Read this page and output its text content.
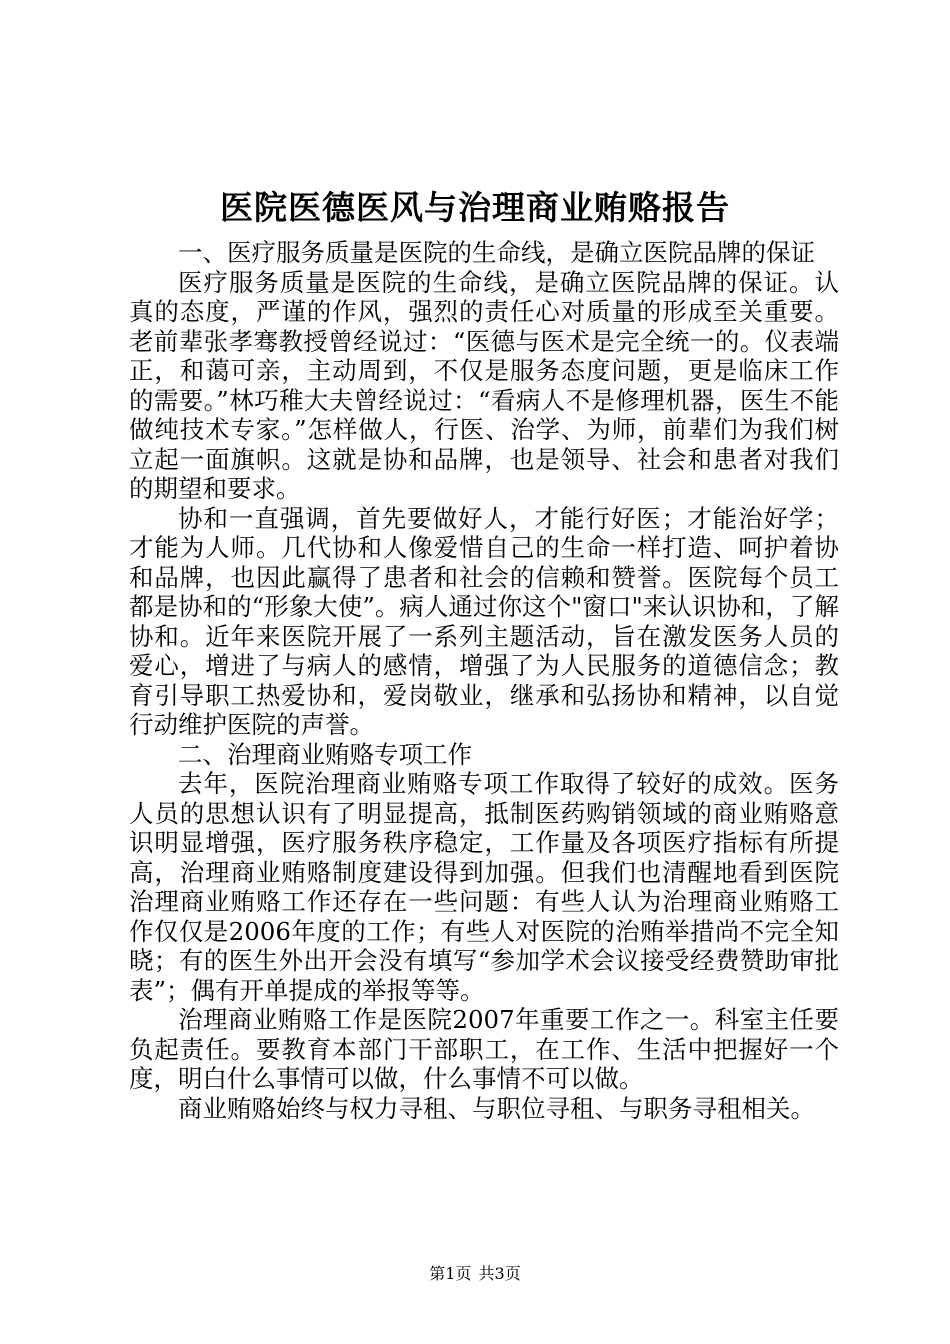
医院医德医风与治理商业贿赂报告

一、医疗服务质量是医院的生命线，是确立医院品牌的保证

医疗服务质量是医院的生命线，是确立医院品牌的保证。认真的态度，严谨的作风，强烈的责任心对质量的形成至关重要。老前辈张孝骞教授曾经说过：“医德与医术是完全统一的。仪表端正，和蔼可亲，主动周到，不仅是服务态度问题，更是临床工作的需要。”林巧稚大夫曾经说过：“看病人不是修理机器，医生不能做纯技术专家。”怎样做人，行医、治学、为师，前辈们为我们树立起一面旗帜。这就是协和品牌，也是领导、社会和患者对我们的期望和要求。

协和一直强调，首先要做好人，才能行好医；才能治好学；才能为人师。几代协和人像爱惜自己的生命一样打造、呵护着协和品牌，也因此赢得了患者和社会的信赖和赞誉。医院每个员工都是协和的“形象大使”。病人通过你这个"窗口"来认识协和，了解协和。近年来医院开展了一系列主题活动，旨在激发医务人员的爱心，增进了与病人的感情，增强了为人民服务的道德信念；教育引导职工热爱协和，爱岗敬业，继承和弘扬协和精神，以自觉行动维护医院的声誉。

二、治理商业贿赂专项工作

去年，医院治理商业贿赂专项工作取得了较好的成效。医务人员的思想认识有了明显提高，抵制医药购销领域的商业贿赂意识明显增强，医疗服务秩序稳定，工作量及各项医疗指标有所提高，治理商业贿赂制度建设得到加强。但我们也清醒地看到医院治理商业贿赂工作还存在一些问题：有些人认为治理商业贿赂工作仅仅是2006年度的工作；有些人对医院的治贿举措尚不完全知晓；有的医生外出开会没有填写“参加学术会议接受经费赞助审批表”；偶有开单提成的举报等等。

治理商业贿赂工作是医院2007年重要工作之一。科室主任要负起责任。要教育本部门干部职工，在工作、生活中把握好一个度，明白什么事情可以做，什么事情不可以做。

商业贿赂始终与权力寻租、与职位寻租、与职务寻租相关。

第1页 共3页
